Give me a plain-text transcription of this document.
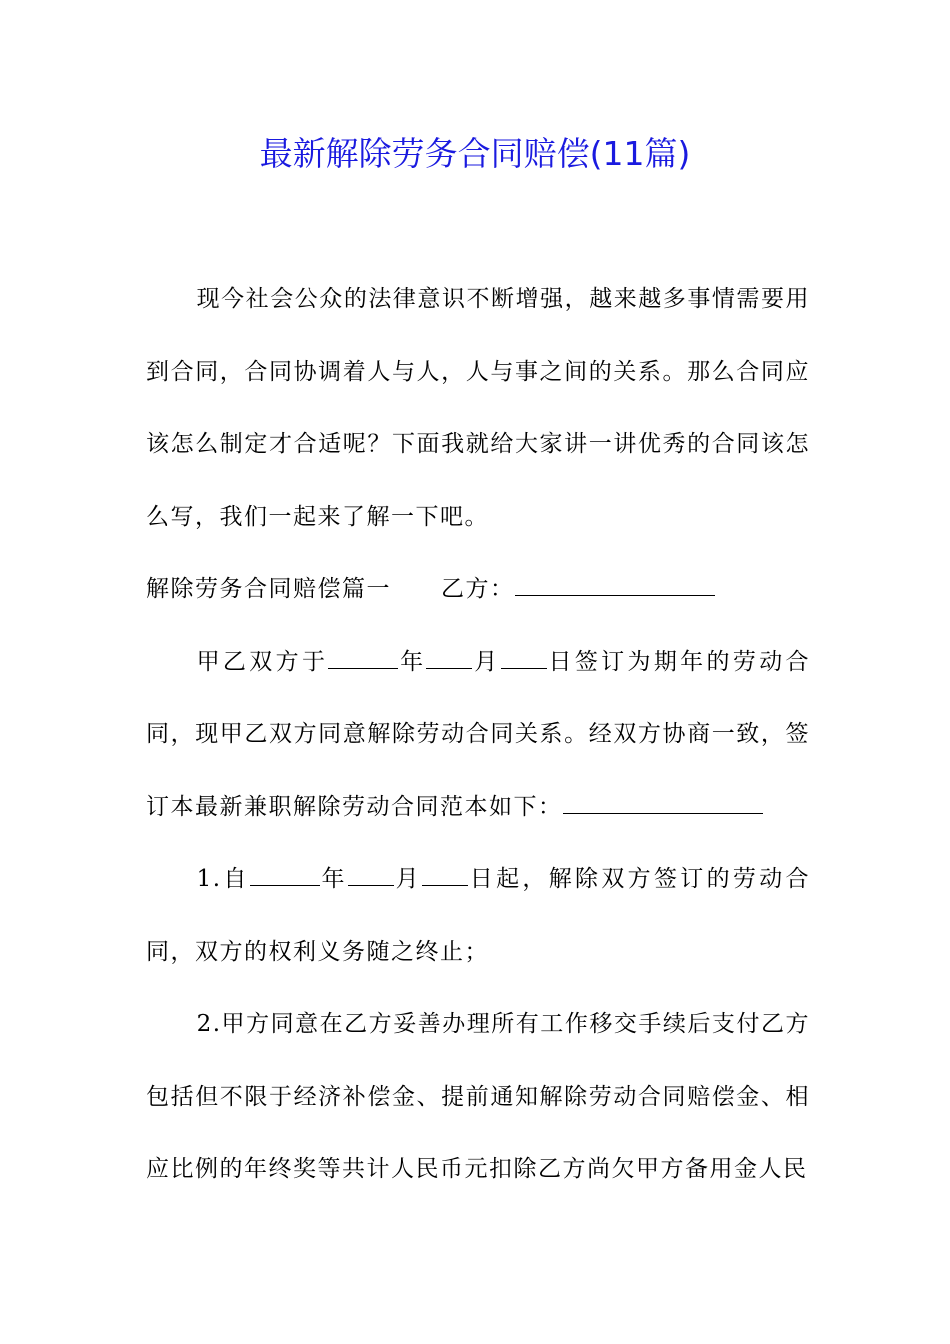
最新解除劳务合同赔偿(11篇)

现今社会公众的法律意识不断增强，越来越多事情需要用到合同，合同协调着人与人，人与事之间的关系。那么合同应该怎么制定才合适呢？下面我就给大家讲一讲优秀的合同该怎么写，我们一起来了解一下吧。

解除劳务合同赔偿篇一 乙方：

甲乙双方于	年 月 日签订为期年的劳动合同，现甲乙双方同意解除劳动合同关系。经双方协商一致，签订本最新兼职解除劳动合同范本如下：

1.自	年 月 日起，解除双方签订的劳动合同，双方的权利义务随之终止；

2.甲方同意在乙方妥善办理所有工作移交手续后支付乙方包括但不限于经济补偿金、提前通知解除劳动合同赔偿金、相应比例的年终奖等共计人民币元扣除乙方尚欠甲方备用金人民
